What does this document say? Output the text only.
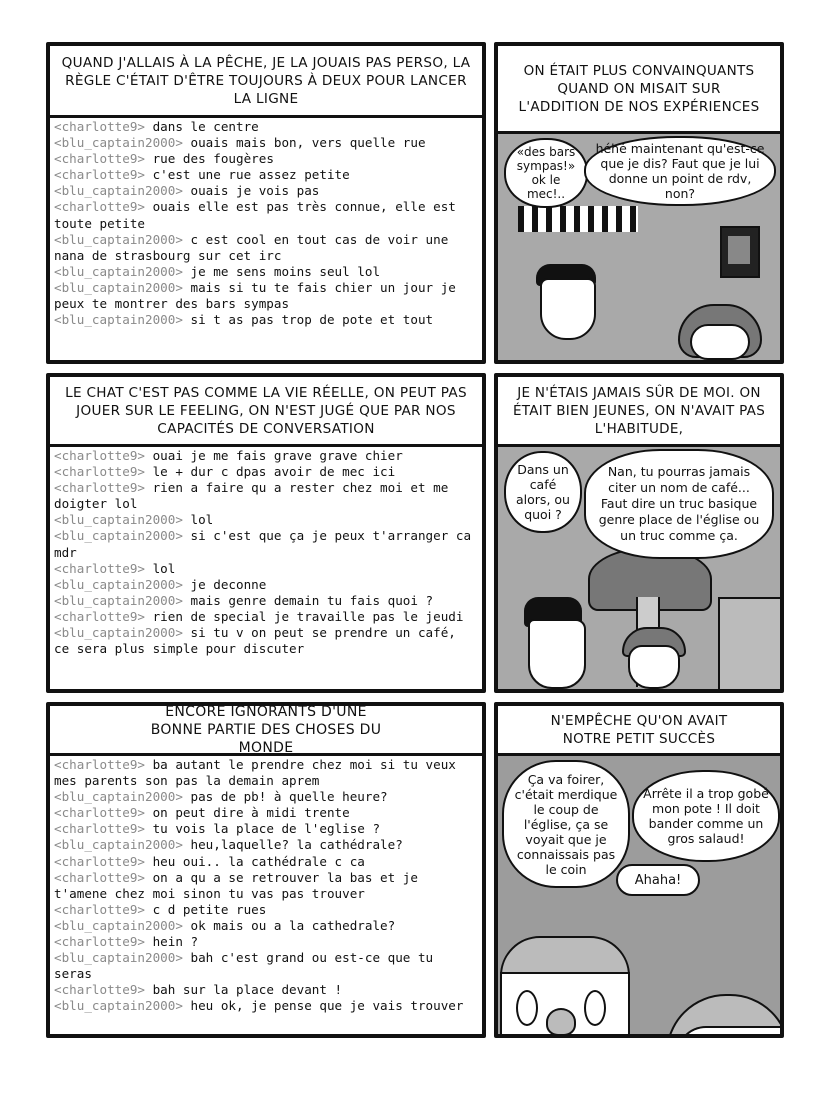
QUAND J'ALLAIS À LA PÊCHE, JE LA JOUAIS PAS PERSO, LA RÈGLE C'ÉTAIT D'ÊTRE TOUJOURS À DEUX POUR LANCER LA LIGNE
<charlotte9> dans le centre
<blu_captain2000> ouais mais bon, vers quelle rue
<charlotte9> rue des fougères
<charlotte9> c'est une rue assez petite
<blu_captain2000> ouais je vois pas
<charlotte9> ouais elle est pas très connue, elle est toute petite
<blu_captain2000> c est cool en tout cas de voir une nana de strasbourg sur cet irc
<blu_captain2000> je me sens moins seul lol
<blu_captain2000> mais si tu te fais chier un jour je peux te montrer des bars sympas
<blu_captain2000> si t as pas trop de pote et tout
ON ÉTAIT PLUS CONVAINQUANTS QUAND ON MISAIT SUR L'ADDITION DE NOS EXPÉRIENCES
«des bars sympas!» ok le mec!..
héhé maintenant qu'est-ce que je dis? Faut que je lui donne un point de rdv, non?
LE CHAT C'EST PAS COMME LA VIE RÉELLE, ON PEUT PAS JOUER SUR LE FEELING, ON N'EST JUGÉ QUE PAR NOS CAPACITÉS DE CONVERSATION
<charlotte9> ouai je me fais grave grave chier
<charlotte9> le + dur c dpas avoir de mec ici
<charlotte9> rien a faire qu a rester chez moi et me doigter lol
<blu_captain2000> lol
<blu_captain2000> si c'est que ça je peux t'arranger ca mdr
<charlotte9> lol
<blu_captain2000> je deconne
<blu_captain2000> mais genre demain tu fais quoi ?
<charlotte9> rien de special je travaille pas le jeudi
<blu_captain2000> si tu v on peut se prendre un café, ce sera plus simple pour discuter
JE N'ÉTAIS JAMAIS SÛR DE MOI. ON ÉTAIT BIEN JEUNES, ON N'AVAIT PAS L'HABITUDE,
Dans un café alors, ou quoi ?
Nan, tu pourras jamais citer un nom de café... Faut dire un truc basique genre place de l'église ou un truc comme ça.
ENCORE IGNORANTS D'UNE BONNE PARTIE DES CHOSES DU MONDE
<charlotte9> ba autant le prendre chez moi si tu veux mes parents son pas la demain aprem
<blu_captain2000> pas de pb! à quelle heure?
<charlotte9> on peut dire à midi trente
<charlotte9> tu vois la place de l'eglise ?
<blu_captain2000> heu,laquelle? la cathédrale?
<charlotte9> heu oui.. la cathédrale c ca
<charlotte9> on a qu a se retrouver la bas et je t'amene chez moi sinon tu vas pas trouver
<charlotte9> c d petite rues
<blu_captain2000> ok mais ou a la cathedrale?
<charlotte9> hein ?
<blu_captain2000> bah c'est grand ou est-ce que tu seras
<charlotte9> bah sur la place devant !
<blu_captain2000> heu ok, je pense que je vais trouver
N'EMPÊCHE QU'ON AVAIT NOTRE PETIT SUCCÈS
Ça va foirer, c'était merdique le coup de l'église, ça se voyait que je connaissais pas le coin
Arrête il a trop gobé mon pote ! Il doit bander comme un gros salaud!
Ahaha!
